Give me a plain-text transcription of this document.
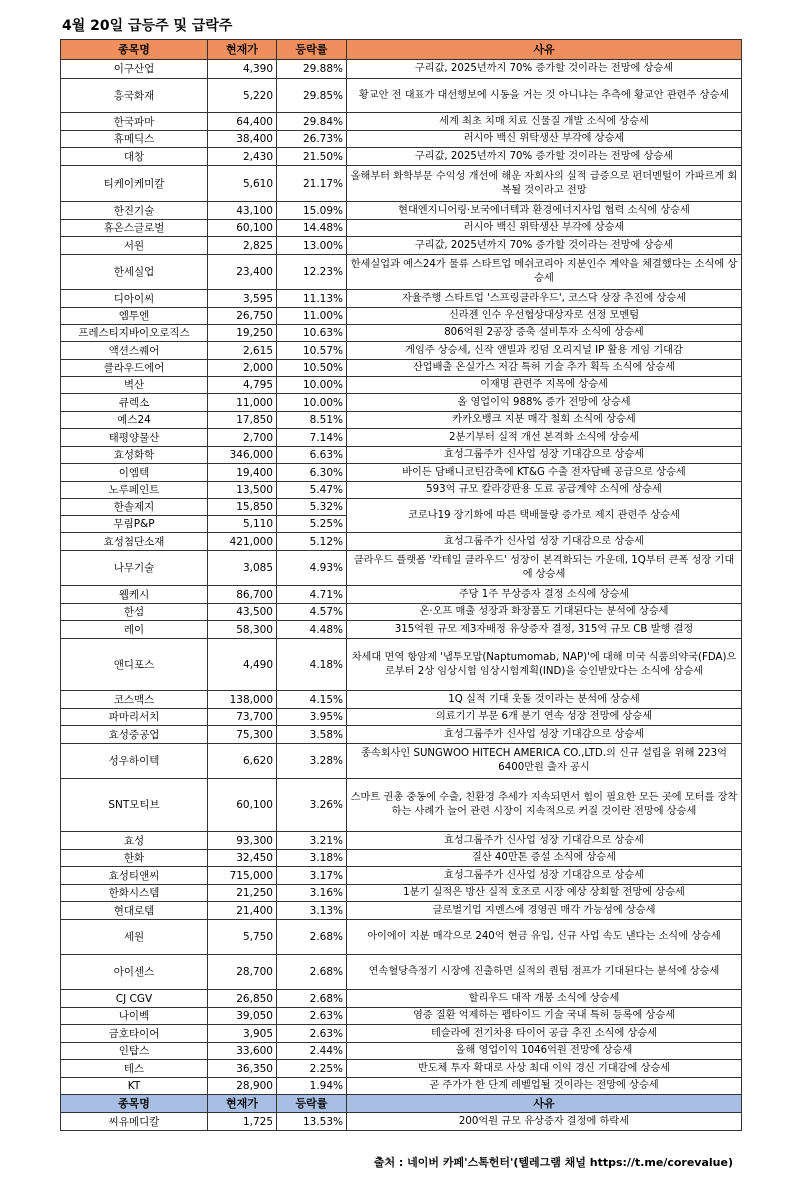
4월 20일 급등주 및 급락주
종목명	현재가	등락률	사유
이구산업	4,390	29.88%	구리값, 2025년까지 70% 증가할 것이라는 전망에 상승세
흥국화재	5,220	29.85%	황교안 전 대표가 대선행보에 시동을 거는 것 아니냐는 추측에 황교안 관련주 상승세
한국파마	64,400	29.84%	세계 최초 치매 치료 신물질 개발 소식에 상승세
휴메딕스	38,400	26.73%	러시아 백신 위탁생산 부각에 상승세
대창	2,430	21.50%	구리값, 2025년까지 70% 증가할 것이라는 전망에 상승세
티케이케미칼	5,610	21.17%	올해부터 화학부문 수익성 개선에 해운 자회사의 실적 급증으로 펀더멘털이 가파르게 회복될 것이라고 전망
한진기술	43,100	15.09%	현대엔지니어링·보국에너텍과 환경에너지사업 협력 소식에 상승세
휴온스글로벌	60,100	14.48%	러시아 백신 위탁생산 부각에 상승세
서원	2,825	13.00%	구리값, 2025년까지 70% 증가할 것이라는 전망에 상승세
한세실업	23,400	12.23%	한세실업과 예스24가 물류 스타트업 메쉬코리아 지분인수 계약을 체결했다는 소식에 상승세
디아이씨	3,595	11.13%	자율주행 스타트업 '스프링클라우드', 코스닥 상장 추진에 상승세
엠투엔	26,750	11.00%	신라젠 인수 우선협상대상자로 선정 모멘텀
프레스티지바이오로직스	19,250	10.63%	806억원 2공장 증축 설비투자 소식에 상승세
액션스퀘어	2,615	10.57%	게임주 상승세, 신작 앤빌과 킹덤 오리지널 IP 활용 게임 기대감
클라우드에어	2,000	10.50%	산업배출 온실가스 저감 특허 기술 추가 획득 소식에 상승세
벽산	4,795	10.00%	이재명 관련주 지목에 상승세
큐렉소	11,000	10.00%	올 영업이익 988% 증가 전망에 상승세
예스24	17,850	8.51%	카카오뱅크 지분 매각 철회 소식에 상승세
태평양물산	2,700	7.14%	2분기부터 실적 개선 본격화 소식에 상승세
효성화학	346,000	6.63%	효성그룹주가 신사업 성장 기대감으로 상승세
이엠텍	19,400	6.30%	바이든 담배니코틴감축에 KT&G 수출 전자담배 공급으로 상승세
노루페인트	13,500	5.47%	593억 규모 칼라강판용 도료 공급계약 소식에 상승세
한솔제지	15,850	5.32%	코로나19 장기화에 따른 택배물량 증가로 제지 관련주 상승세
무림P&P	5,110	5.25%	
효성첨단소재	421,000	5.12%	효성그룹주가 신사업 성장 기대감으로 상승세
나무기술	3,085	4.93%	클라우드 플랫폼 '칵테일 클라우드' 성장이 본격화되는 가운데, 1Q부터 큰폭 성장 기대에 상승세
웹케시	86,700	4.71%	주당 1주 무상증자 결정 소식에 상승세
한섬	43,500	4.57%	온·오프 매출 성장과 화장품도 기대된다는 분석에 상승세
레이	58,300	4.48%	315억원 규모 제3자배정 유상증자 결정, 315억 규모 CB 발행 결정
앤디포스	4,490	4.18%	차세대 면역 항암제 '냅투모맙(Naptumomab, NAP)'에 대해 미국 식품의약국(FDA)으로부터 2상 임상시험 임상시험계획(IND)을 승인받았다는 소식에 상승세
코스맥스	138,000	4.15%	1Q 실적 기대 웃돌 것이라는 분석에 상승세
파마리서치	73,700	3.95%	의료기기 부문 6개 분기 연속 성장 전망에 상승세
효성중공업	75,300	3.58%	효성그룹주가 신사업 성장 기대감으로 상승세
성우하이텍	6,620	3.28%	종속회사인 SUNGWOO HITECH AMERICA CO.,LTD.의 신규 설립을 위해 223억6400만원 출자 공시
SNT모티브	60,100	3.26%	스마트 권총 중동에 수출, 친환경 추세가 지속되면서 힘이 필요한 모든 곳에 모터를 장착하는 사례가 늘어 관련 시장이 지속적으로 커질 것이란 전망에 상승세
효성	93,300	3.21%	효성그룹주가 신사업 성장 기대감으로 상승세
한화	32,450	3.18%	질산 40만톤 증설 소식에 상승세
효성티앤씨	715,000	3.17%	효성그룹주가 신사업 성장 기대감으로 상승세
한화시스템	21,250	3.16%	1분기 실적은 방산 실적 호조로 시장 예상 상회할 전망에 상승세
현대로템	21,400	3.13%	글로벌기업 지멘스에 경영권 매각 가능성에 상승세
세원	5,750	2.68%	아이에이 지분 매각으로 240억 현금 유입, 신규 사업 속도 낸다는 소식에 상승세
아이센스	28,700	2.68%	연속혈당측정기 시장에 진출하면 실적의 퀀텀 점프가 기대된다는 분석에 상승세
CJ CGV	26,850	2.68%	할리우드 대작 개봉 소식에 상승세
나이벡	39,050	2.63%	염증 질환 억제하는 펩타이드 기술 국내 특허 등록에 상승세
금호타이어	3,905	2.63%	테슬라에 전기차용 타이어 공급 추진 소식에 상승세
인탑스	33,600	2.44%	올해 영업이익 1046억원 전망에 상승세
테스	36,350	2.25%	반도체 투자 확대로 사상 최대 이익 경신 기대감에 상승세
KT	28,900	1.94%	곧 주가가 한 단계 레벨업될 것이라는 전망에 상승세
종목명	현재가	등락률	사유
씨유메디칼	1,725	13.53%	200억원 규모 유상증자 결정에 하락세
출처 : 네이버 카페'스톡헌터'(텔레그램 채널 https://t.me/corevalue)
